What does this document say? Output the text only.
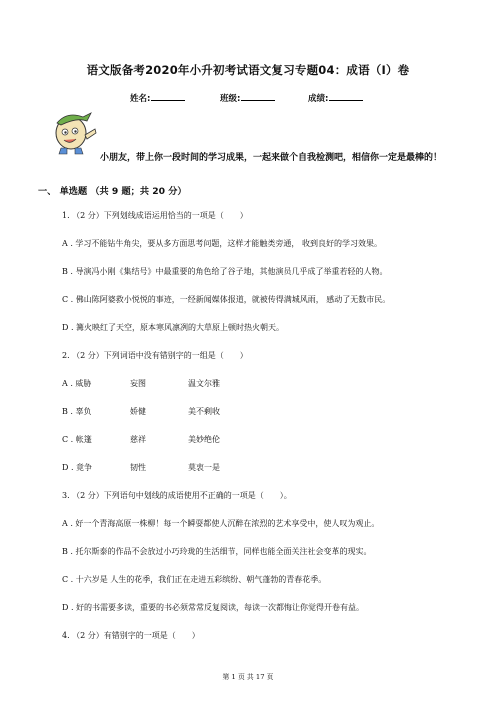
语文版备考2020年小升初考试语文复习专题04：成语（I）卷
姓名:	班级:	成绩:
小朋友，带上你一段时间的学习成果，一起来做个自我检测吧，相信你一定是最棒的！
一、 单选题 （共 9 题；共 20 分）
1. （2 分）下列划线成语运用恰当的一项是（　　）
A . 学习不能钻牛角尖，要从多方面思考问题，这样才能触类旁通， 收到良好的学习效果。
B . 导演冯小刚《集结号》中最重要的角色给了谷子地，其他演员几乎成了举重若轻的人物。
C . 佛山陈阿婆救小悦悦的事迹，一经新闻媒体报道，就被传得满城风雨， 感动了无数市民。
D . 篝火映红了天空，原本寒风凛冽的大草原上顿时热火朝天。
2. （2 分）下列词语中没有错别字的一组是（　　）
A . 威胁	妄图	温文尔雅
B . 辜负	娇健	美不剩收
C . 帐篷	慈祥	美妙绝伦
D . 竟争	韧性	莫衷一是
3. （2 分）下列语句中划线的成语使用不正确的一项是（　　）。
A . 好一个青海高原一株柳！每一个瞬耍都使人沉醉在浓烈的艺术享受中，使人叹为观止。
B . 托尔斯泰的作品不会放过小巧玲珑的生活细节，同样也能全面关注社会变革的现实。
C . 十六岁是 人生的花季，我们正在走进五彩缤纷、朝气蓬勃的青春花季。
D . 好的书需要多读，重要的书必须常常反复阅读，每读一次都悔让你觉得开卷有益。
4. （2 分）有错别字的一项是（　　）
第 1 页 共 17 页
